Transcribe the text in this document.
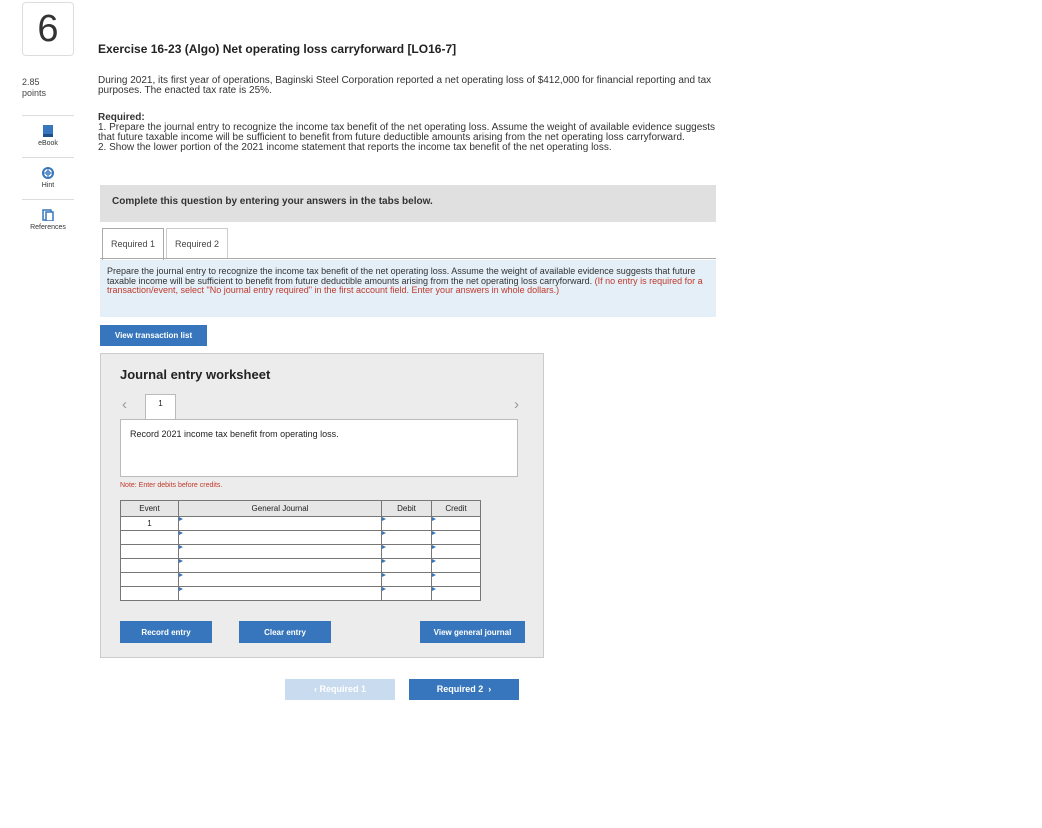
6
2.85
points
eBook
Hint
References
Exercise 16-23 (Algo) Net operating loss carryforward [LO16-7]
During 2021, its first year of operations, Baginski Steel Corporation reported a net operating loss of $412,000 for financial reporting and tax purposes. The enacted tax rate is 25%.
Required:
1. Prepare the journal entry to recognize the income tax benefit of the net operating loss. Assume the weight of available evidence suggests that future taxable income will be sufficient to benefit from future deductible amounts arising from the net operating loss carryforward.
2. Show the lower portion of the 2021 income statement that reports the income tax benefit of the net operating loss.
Complete this question by entering your answers in the tabs below.
Required 1	Required 2
Prepare the journal entry to recognize the income tax benefit of the net operating loss. Assume the weight of available evidence suggests that future taxable income will be sufficient to benefit from future deductible amounts arising from the net operating loss carryforward. (If no entry is required for a transaction/event, select "No journal entry required" in the first account field. Enter your answers in whole dollars.)
View transaction list
Journal entry worksheet
‹	1	›
Record 2021 income tax benefit from operating loss.
Note: Enter debits before credits.
Event	General Journal	Debit	Credit
1			

Record entry	Clear entry	View general journal
‹ Required 1	Required 2  ›
